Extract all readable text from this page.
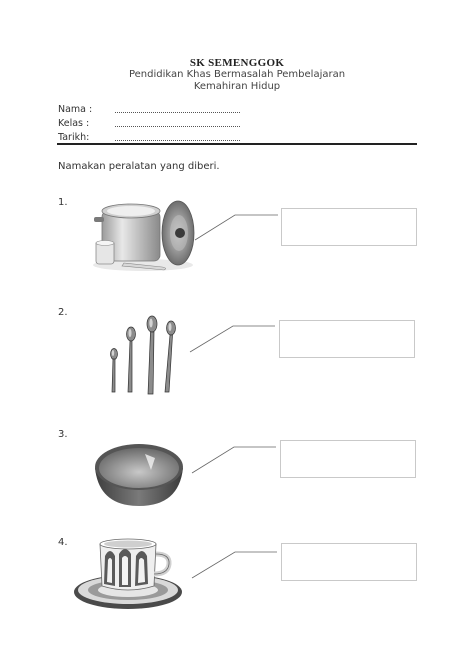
SK SEMENGGOK
Pendidikan Khas Bermasalah Pembelajaran
Kemahiran Hidup
Nama :
Kelas :
Tarikh:
Namakan peralatan yang diberi.
1.
2.
3.
4.
